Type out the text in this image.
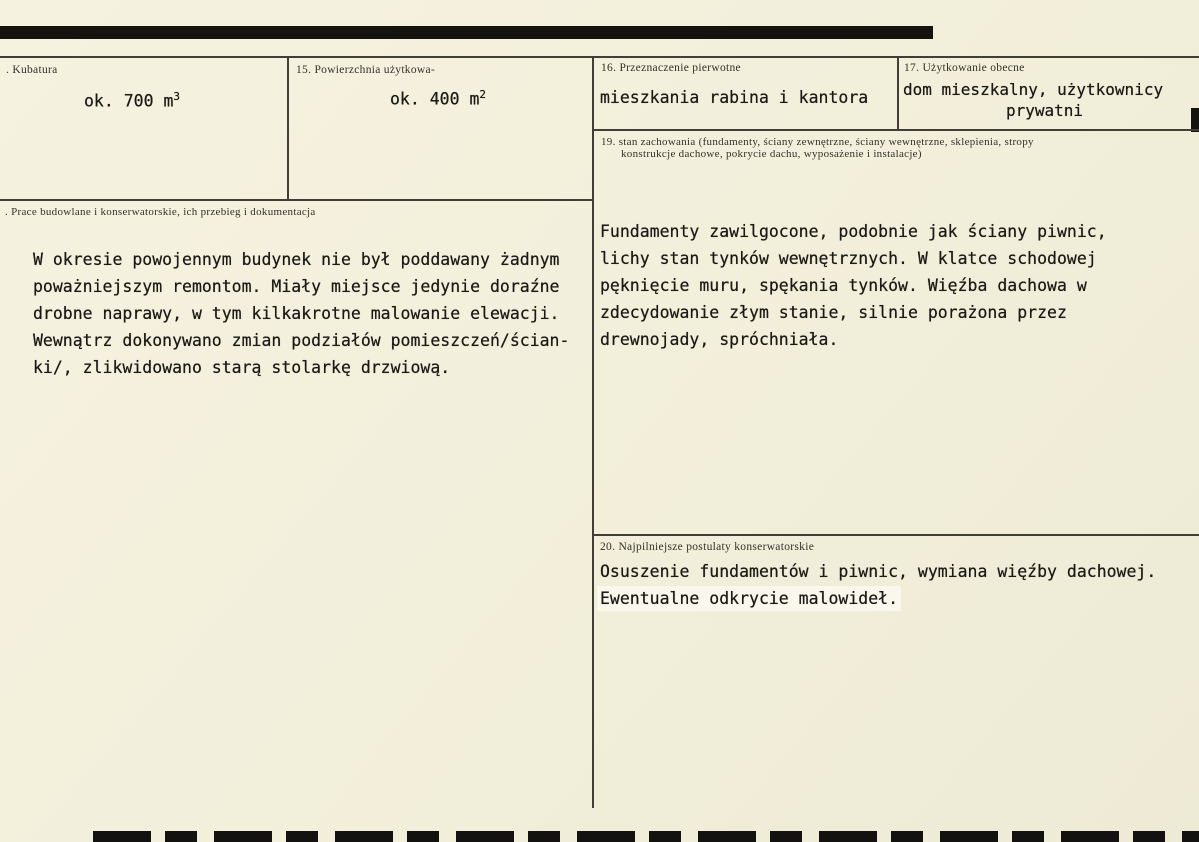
. Kubatura
ok. 700 $m^3$
15. Powierzchnia użytkowa-
ok. 400 $m^2$
16. Przeznaczenie pierwotne
mieszkania rabina i kantora
17. Użytkowanie obecne
dom mieszkalny, użytkownicy
prywatni
. Prace budowlane i konserwatorskie, ich przebieg i dokumentacja
W okresie powojennym budynek nie był poddawany żadnym
poważniejszym remontom. Miały miejsce jedynie doraźne
drobne naprawy, w tym kilkakrotne malowanie elewacji.
Wewnątrz dokonywano zmian podziałów pomieszczeń/ścian-
ki/, zlikwidowano starą stolarkę drzwiową.
19. stan zachowania (fundamenty, ściany zewnętrzne, ściany wewnętrzne, sklepienia, stropy
konstrukcje dachowe, pokrycie dachu, wyposażenie i instalacje)
Fundamenty zawilgocone, podobnie jak ściany piwnic,
lichy stan tynków wewnętrznych. W klatce schodowej
pęknięcie muru, spękania tynków. Więźba dachowa w
zdecydowanie złym stanie, silnie porażona przez
drewnojady, spróchniała.
20. Najpilniejsze postulaty konserwatorskie
Osuszenie fundamentów i piwnic, wymiana więźby dachowej.
Ewentualne odkrycie malowideł.
